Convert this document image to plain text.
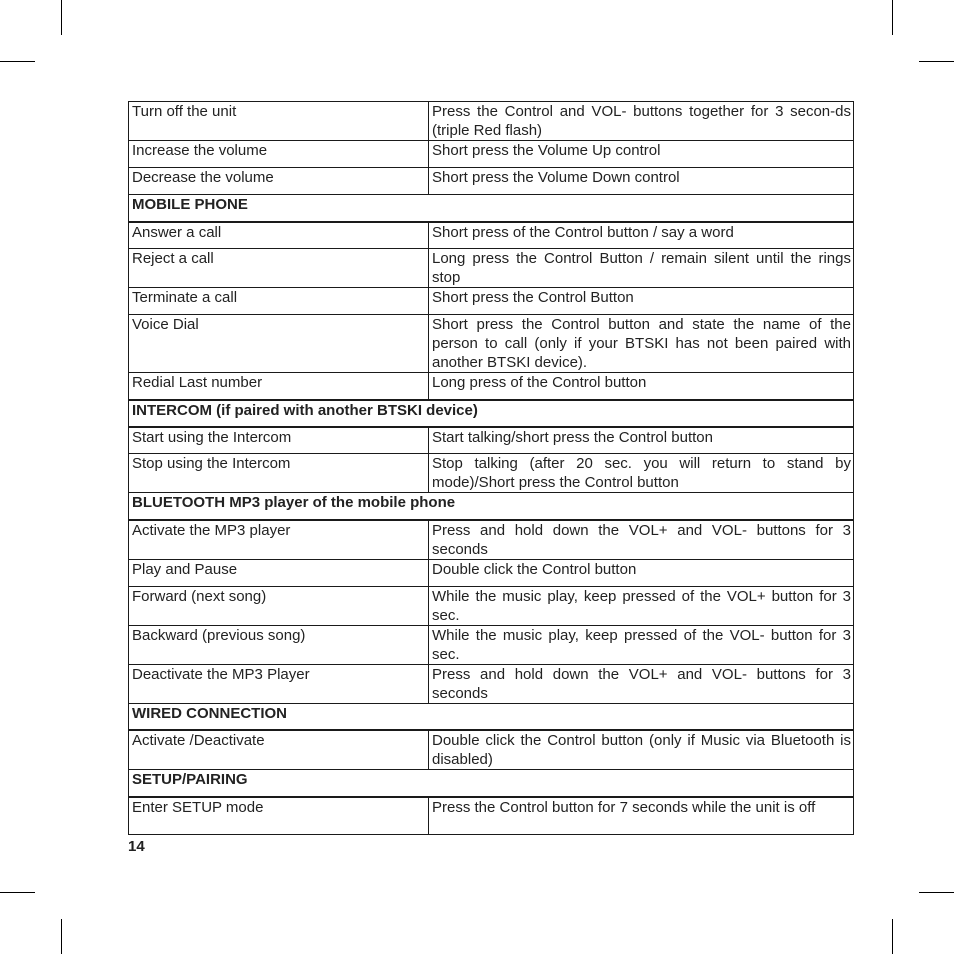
Turn off the unit	Press the Control and VOL- buttons together for 3 secon-ds (triple Red flash)
Increase the volume	Short press the Volume Up control
Decrease the volume	Short press the Volume Down control
MOBILE PHONE	
Answer a call	Short press of the Control button / say a word
Reject a call	Long press the Control Button / remain silent until the rings stop
Terminate a call	Short press the Control Button
Voice Dial	Short press the Control button and state the name of the person to call (only if your BTSKI has not been paired with another BTSKI device).
Redial Last number	Long press of the Control button
INTERCOM (if paired with another BTSKI device)	
Start using the Intercom	Start talking/short press the Control button
Stop using the Intercom	Stop talking (after 20 sec. you will return to stand by mode)/Short press the Control button
BLUETOOTH MP3 player of the mobile phone	
Activate the MP3 player	Press and hold down the VOL+ and VOL- buttons for 3 seconds
Play and Pause	Double click the Control button
Forward (next song)	While the music play, keep pressed of the VOL+ button for 3 sec.
Backward (previous song)	While the music play, keep pressed of the VOL- button for 3 sec.
Deactivate the MP3 Player	Press and hold down the VOL+ and VOL- buttons for 3 seconds
WIRED CONNECTION	
Activate /Deactivate	Double click the Control button (only if Music via Bluetooth is disabled)
SETUP/PAIRING	
Enter SETUP mode	Press the Control button for 7 seconds while the unit is off
14
